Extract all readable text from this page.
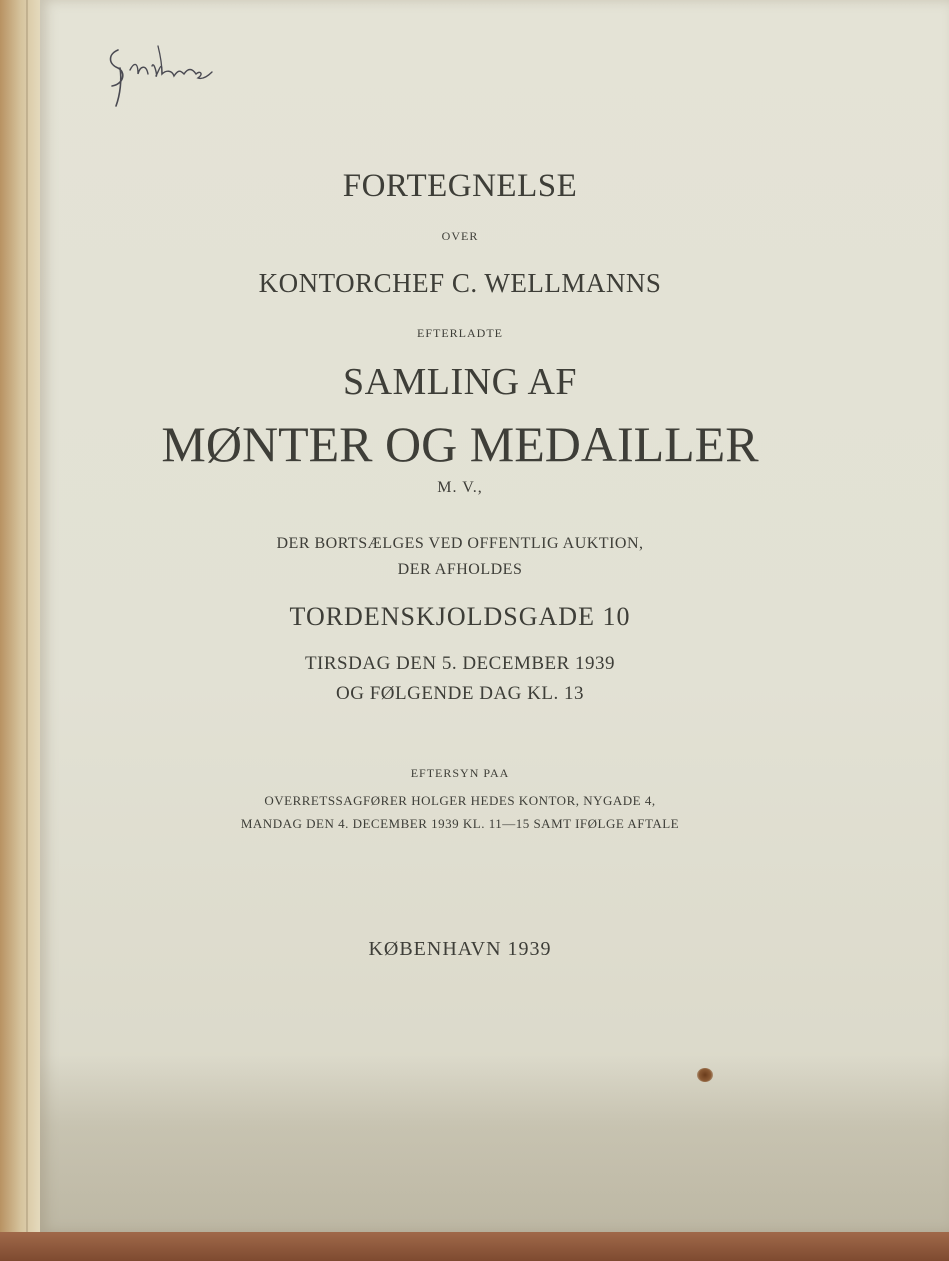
FORTEGNELSE
OVER
KONTORCHEF C. WELLMANNS
EFTERLADTE
SAMLING AF
MØNTER OG MEDAILLER
M. V.,
DER BORTSÆLGES VED OFFENTLIG AUKTION,
DER AFHOLDES
TORDENSKJOLDSGADE 10
TIRSDAG DEN 5. DECEMBER 1939
OG FØLGENDE DAG KL. 13
EFTERSYN PAA
OVERRETSSAGFØRER HOLGER HEDES KONTOR, NYGADE 4,
MANDAG DEN 4. DECEMBER 1939 KL. 11—15 SAMT IFØLGE AFTALE
KØBENHAVN 1939
